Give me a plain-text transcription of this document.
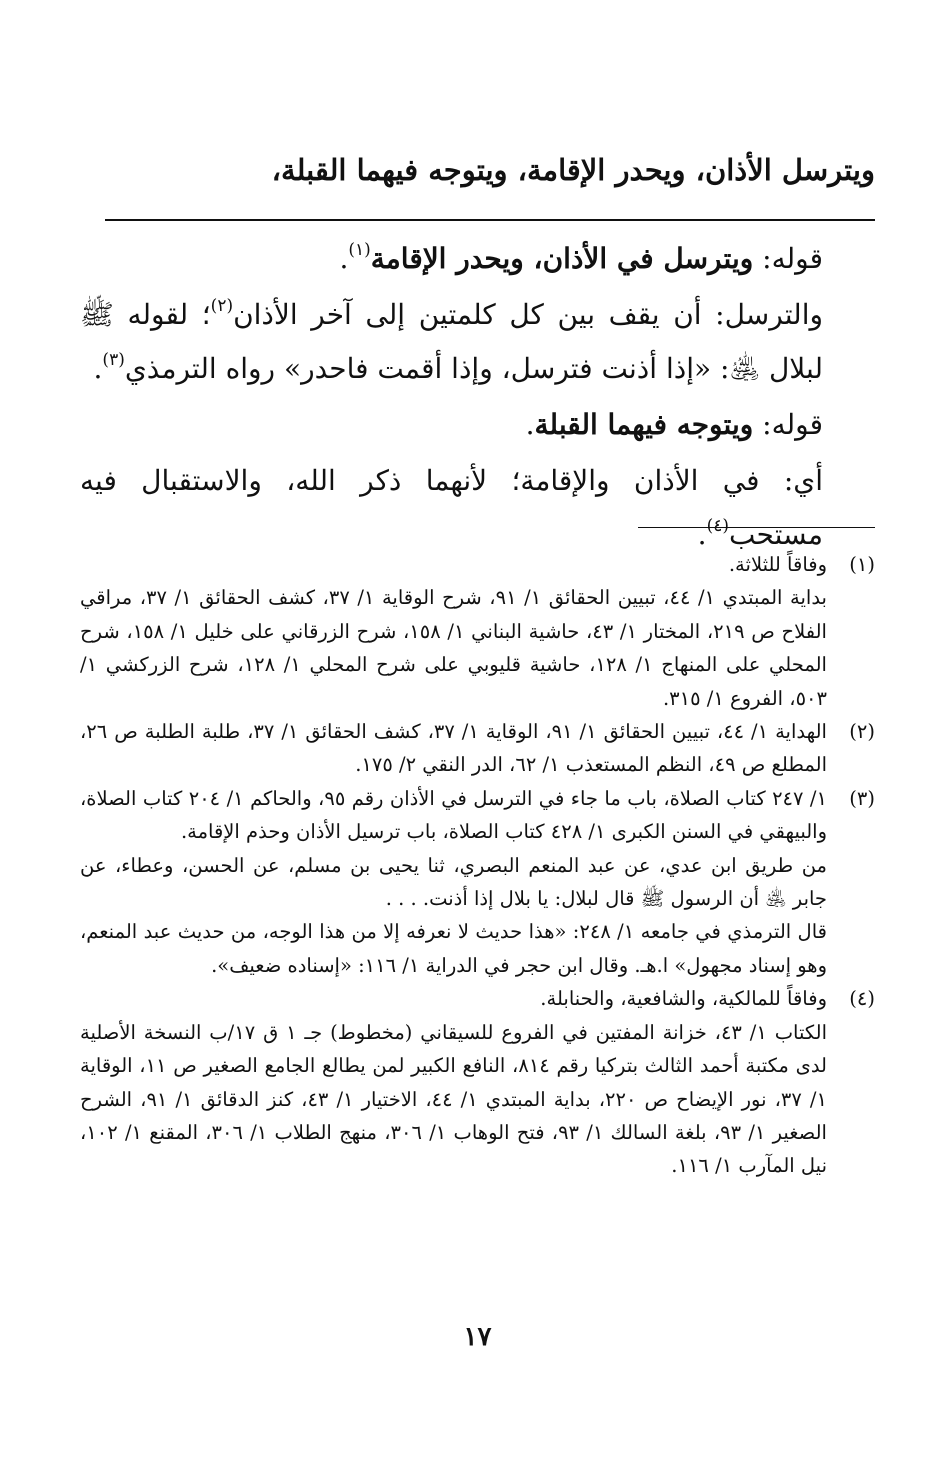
ويترسل الأذان، ويحدر الإقامة، ويتوجه فيهما القبلة،

قوله: ويترسل في الأذان، ويحدر الإقامة$^{(١)}$.

والترسل: أن يقف بين كل كلمتين إلى آخر الأذان$^{(٢)}$؛ لقوله ﷺ لبلال ﵁: «إذا أذنت فترسل، وإذا أقمت فاحدر» رواه الترمذي$^{(٣)}$.

قوله: ويتوجه فيهما القبلة.

أي: في الأذان والإقامة؛ لأنهما ذكر الله، والاستقبال فيه مستحب$^{(٤)}$.

(١)

وفاقاً للثلاثة.

بداية المبتدي ١/ ٤٤، تبيين الحقائق ١/ ٩١، شرح الوقاية ١/ ٣٧، كشف الحقائق ١/ ٣٧، مراقي الفلاح ص ٢١٩، المختار ١/ ٤٣، حاشية البناني ١/ ١٥٨، شرح الزرقاني على خليل ١/ ١٥٨، شرح المحلي على المنهاج ١/ ١٢٨، حاشية قليوبي على شرح المحلي ١/ ١٢٨، شرح الزركشي ١/ ٥٠٣، الفروع ١/ ٣١٥.

(٢)

الهداية ١/ ٤٤، تبيين الحقائق ١/ ٩١، الوقاية ١/ ٣٧، كشف الحقائق ١/ ٣٧، طلبة الطلبة ص ٢٦، المطلع ص ٤٩، النظم المستعذب ١/ ٦٢، الدر النقي ٢/ ١٧٥.

(٣)

١/ ٢٤٧ كتاب الصلاة، باب ما جاء في الترسل في الأذان رقم ٩٥، والحاكم ١/ ٢٠٤ كتاب الصلاة، والبيهقي في السنن الكبرى ١/ ٤٢٨ كتاب الصلاة، باب ترسيل الأذان وحذم الإقامة.

من طريق ابن عدي، عن عبد المنعم البصري، ثنا يحيى بن مسلم، عن الحسن، وعطاء، عن جابر ﵁ أن الرسول ﷺ قال لبلال: يا بلال إذا أذنت. . . .

قال الترمذي في جامعه ١/ ٢٤٨: «هذا حديث لا نعرفه إلا من هذا الوجه، من حديث عبد المنعم، وهو إسناد مجهول» ا.هـ. وقال ابن حجر في الدراية ١/ ١١٦: «إسناده ضعيف».

(٤)

وفاقاً للمالكية، والشافعية، والحنابلة.

الكتاب ١/ ٤٣، خزانة المفتين في الفروع للسيقاني (مخطوط) جـ ١ ق ١٧/ب النسخة الأصلية لدى مكتبة أحمد الثالث بتركيا رقم ٨١٤، النافع الكبير لمن يطالع الجامع الصغير ص ١١، الوقاية ١/ ٣٧، نور الإيضاح ص ٢٢٠، بداية المبتدي ١/ ٤٤، الاختيار ١/ ٤٣، كنز الدقائق ١/ ٩١، الشرح الصغير ١/ ٩٣، بلغة السالك ١/ ٩٣، فتح الوهاب ١/ ٣٠٦، منهج الطلاب ١/ ٣٠٦، المقنع ١/ ١٠٢، نيل المآرب ١/ ١١٦.

١٧
